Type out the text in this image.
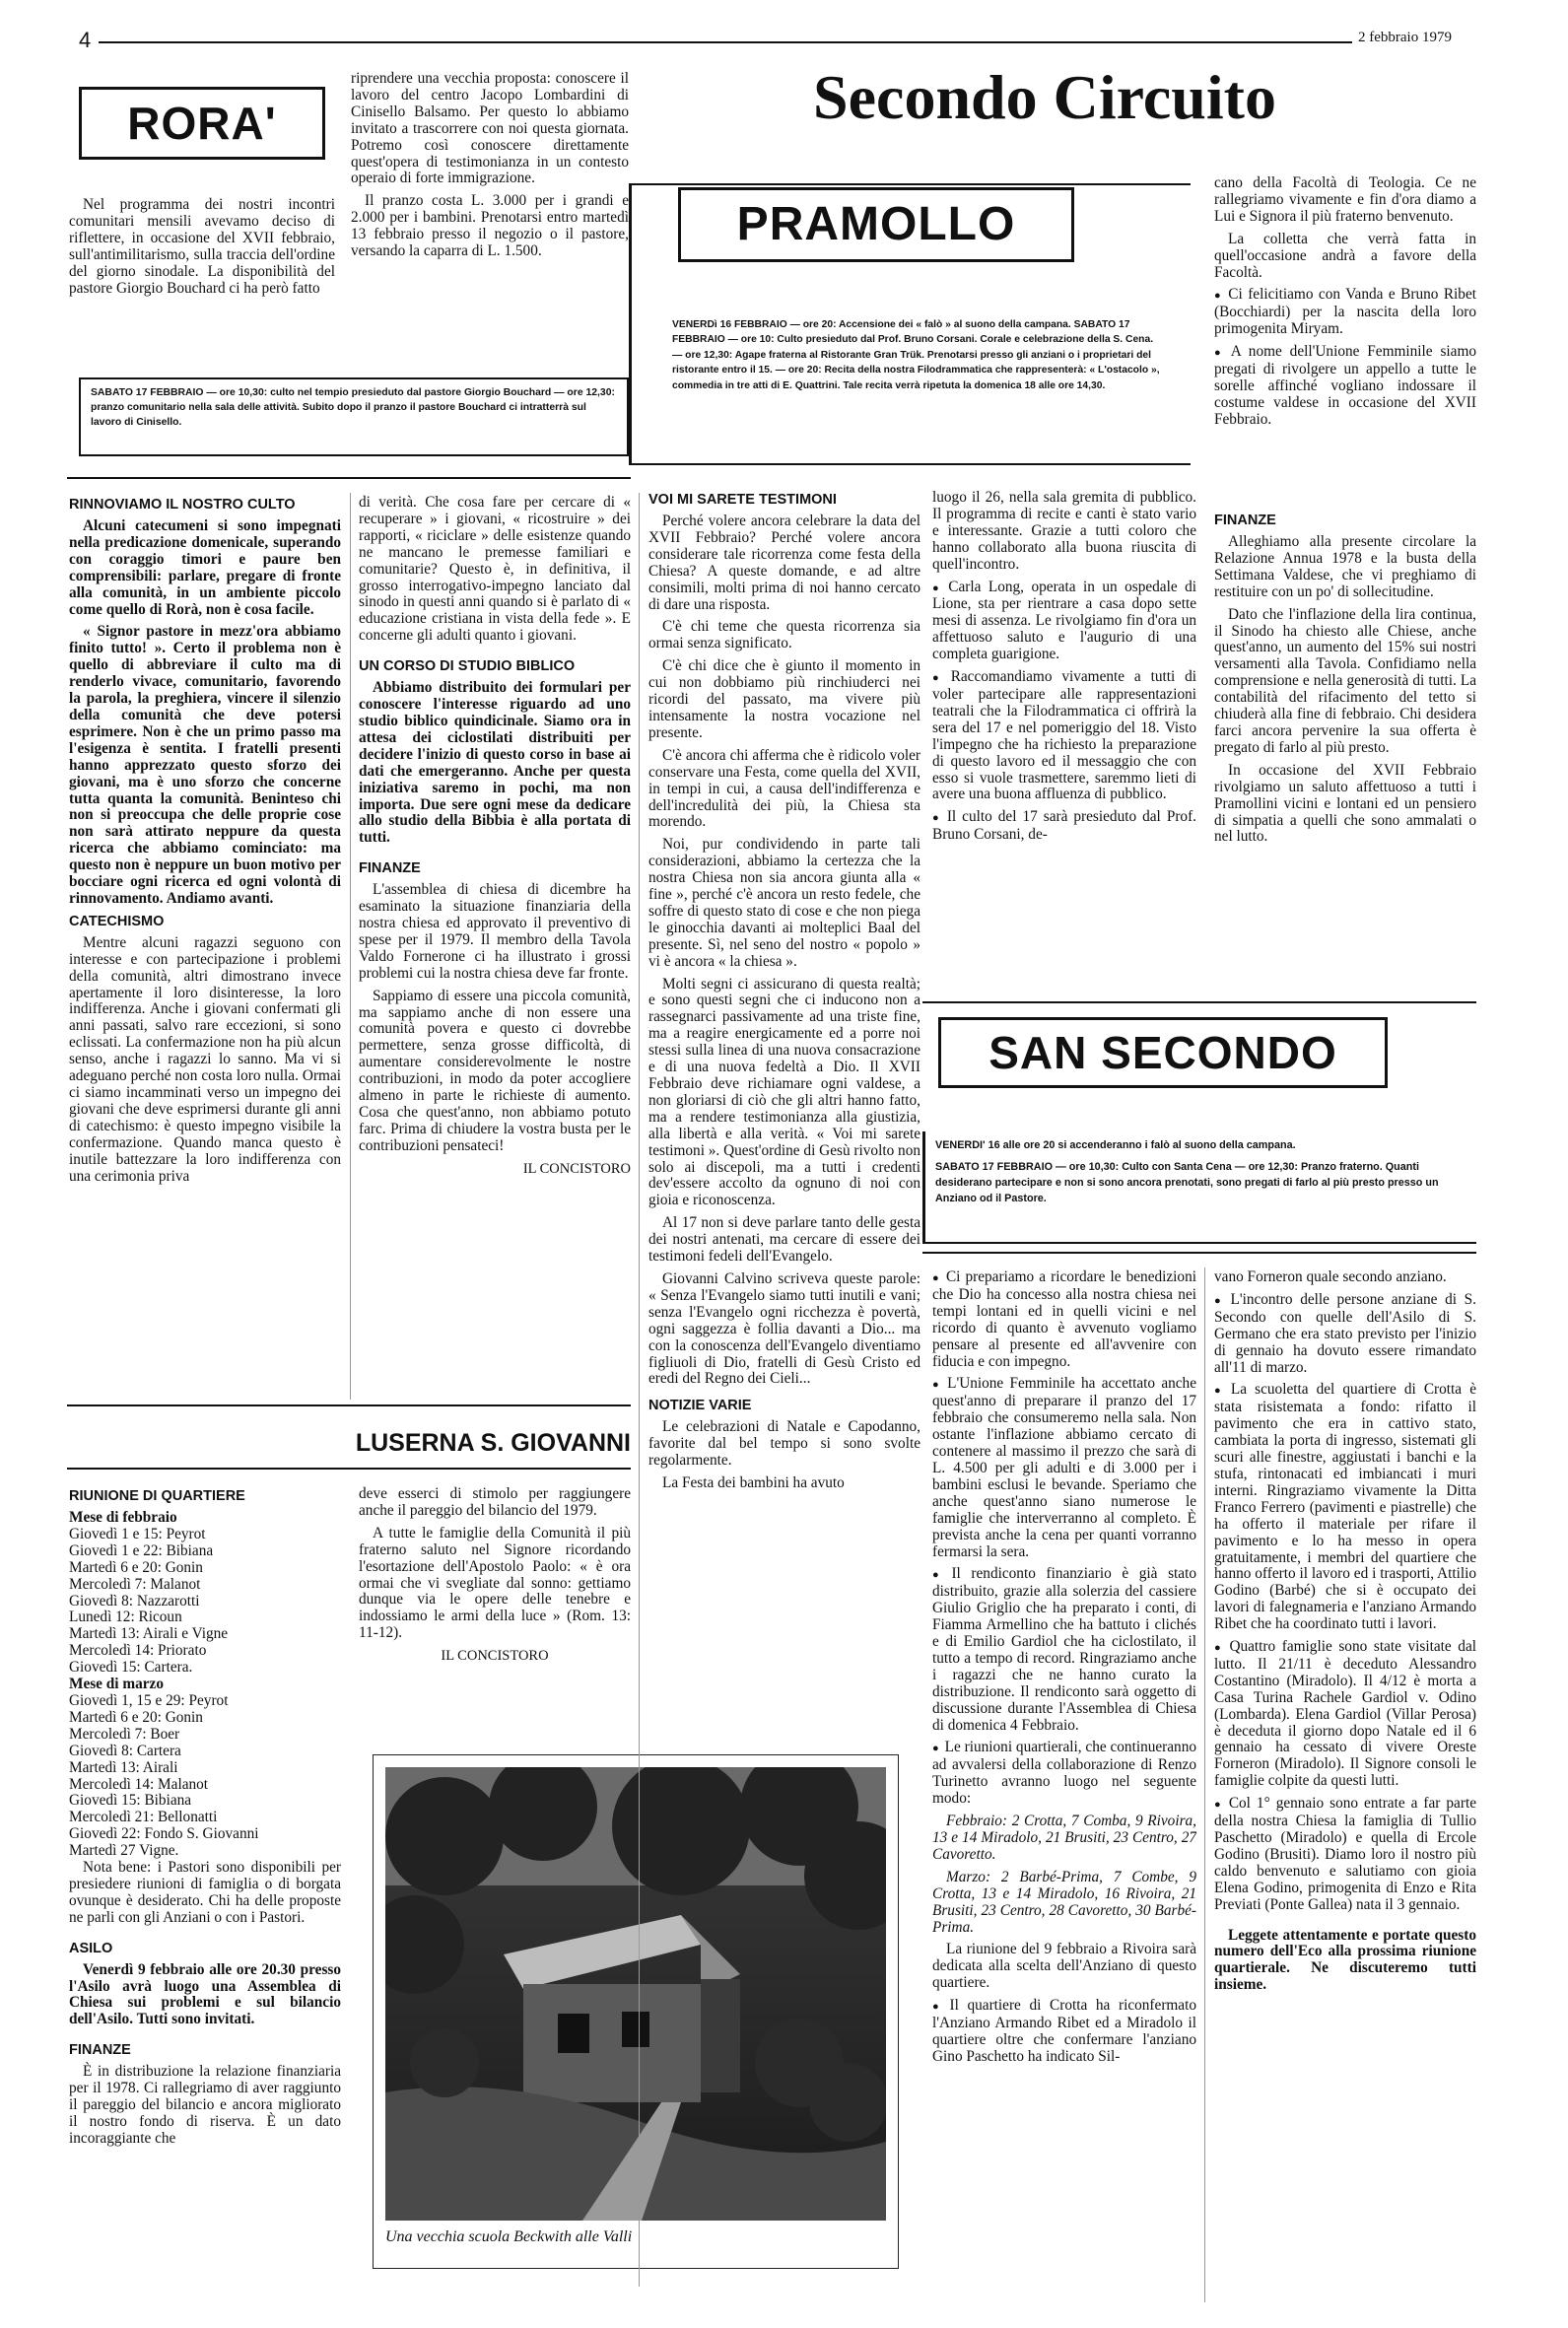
4	2 febbraio 1979
RORA'

Nel programma dei nostri incontri comunitari mensili avevamo deciso di riflettere, in occasione del XVII febbraio, sull'antimilitarismo, sulla traccia dell'ordine del giorno sinodale. La disponibilità del pastore Giorgio Bouchard ci ha però fatto

riprendere una vecchia proposta: conoscere il lavoro del centro Jacopo Lombardini di Cinisello Balsamo. Per questo lo abbiamo invitato a trascorrere con noi questa giornata. Potremo così conoscere direttamente quest'opera di testimonianza in un contesto operaio di forte immigrazione.

Il pranzo costa L. 3.000 per i grandi e 2.000 per i bambini. Prenotarsi entro martedì 13 febbraio presso il negozio o il pastore, versando la caparra di L. 1.500.

SABATO 17 FEBBRAIO — ore 10,30: culto nel tempio presieduto dal pastore Giorgio Bouchard — ore 12,30: pranzo comunitario nella sala delle attività. Subito dopo il pranzo il pastore Bouchard ci intratterrà sul lavoro di Cinisello.
Secondo Circuito
PRAMOLLO
VENERDì 16 FEBBRAIO — ore 20: Accensione dei « falò » al suono della campana. SABATO 17 FEBBRAIO — ore 10: Culto presieduto dal Prof. Bruno Corsani. Corale e celebrazione della S. Cena. — ore 12,30: Agape fraterna al Ristorante Gran Trük. Prenotarsi presso gli anziani o i proprietari del ristorante entro il 15. — ore 20: Recita della nostra Filodrammatica che rappresenterà: « L'ostacolo », commedia in tre atti di E. Quattrini. Tale recita verrà ripetuta la domenica 18 alle ore 14,30.

cano della Facoltà di Teologia. Ce ne rallegriamo vivamente e fin d'ora diamo a Lui e Signora il più fraterno benvenuto.

La colletta che verrà fatta in quell'occasione andrà a favore della Facoltà.

● Ci felicitiamo con Vanda e Bruno Ribet (Bocchiardi) per la nascita della loro primogenita Miryam.

● A nome dell'Unione Femminile siamo pregati di rivolgere un appello a tutte le sorelle affinché vogliano indossare il costume valdese in occasione del XVII Febbraio.

RINNOVIAMO IL NOSTRO CULTO

Alcuni catecumeni si sono impegnati nella predicazione domenicale, superando con coraggio timori e paure ben comprensibili: parlare, pregare di fronte alla comunità, in un ambiente piccolo come quello di Rorà, non è cosa facile.

« Signor pastore in mezz'ora abbiamo finito tutto! ». Certo il problema non è quello di abbreviare il culto ma di renderlo vivace, comunitario, favorendo la parola, la preghiera, vincere il silenzio della comunità che deve potersi esprimere. Non è che un primo passo ma l'esigenza è sentita. I fratelli presenti hanno apprezzato questo sforzo dei giovani, ma è uno sforzo che concerne tutta quanta la comunità. Beninteso chi non si preoccupa che delle proprie cose non sarà attirato neppure da questa ricerca che abbiamo cominciato: ma questo non è neppure un buon motivo per bocciare ogni ricerca ed ogni volontà di rinnovamento. Andiamo avanti.

CATECHISMO

Mentre alcuni ragazzi seguono con interesse e con partecipazione i problemi della comunità, altri dimostrano invece apertamente il loro disinteresse, la loro indifferenza. Anche i giovani confermati gli anni passati, salvo rare eccezioni, si sono eclissati. La confermazione non ha più alcun senso, anche i ragazzi lo sanno. Ma vi si adeguano perché non costa loro nulla. Ormai ci siamo incamminati verso un impegno dei giovani che deve esprimersi durante gli anni di catechismo: è questo impegno visibile la confermazione. Quando manca questo è inutile battezzare la loro indifferenza con una cerimonia priva

di verità. Che cosa fare per cercare di « recuperare » i giovani, « ricostruire » dei rapporti, « riciclare » delle esistenze quando ne mancano le premesse familiari e comunitarie? Questo è, in definitiva, il grosso interrogativo-impegno lanciato dal sinodo in questi anni quando si è parlato di « educazione cristiana in vista della fede ». E concerne gli adulti quanto i giovani.

UN CORSO DI STUDIO BIBLICO

Abbiamo distribuito dei formulari per conoscere l'interesse riguardo ad uno studio biblico quindicinale. Siamo ora in attesa dei ciclostilati distribuiti per decidere l'inizio di questo corso in base ai dati che emergeranno. Anche per questa iniziativa saremo in pochi, ma non importa. Due sere ogni mese da dedicare allo studio della Bibbia è alla portata di tutti.

FINANZE

L'assemblea di chiesa di dicembre ha esaminato la situazione finanziaria della nostra chiesa ed approvato il preventivo di spese per il 1979. Il membro della Tavola Valdo Fornerone ci ha illustrato i grossi problemi cui la nostra chiesa deve far fronte.

Sappiamo di essere una piccola comunità, ma sappiamo anche di non essere una comunità povera e questo ci dovrebbe permettere, senza grosse difficoltà, di aumentare considerevolmente le nostre contribuzioni, in modo da poter accogliere almeno in parte le richieste di aumento. Cosa che quest'anno, non abbiamo potuto farc. Prima di chiudere la vostra busta per le contribuzioni pensateci!

IL CONCISTORO
LUSERNA S. GIOVANNI
RIUNIONE DI QUARTIERE
Mese di febbraio
Giovedì 1 e 15: Peyrot
Giovedì 1 e 22: Bibiana
Martedì 6 e 20: Gonin
Mercoledì 7: Malanot
Giovedì 8: Nazzarotti
Lunedì 12: Ricoun
Martedì 13: Airali e Vigne
Mercoledì 14: Priorato
Giovedì 15: Cartera.
Mese di marzo
Giovedì 1, 15 e 29: Peyrot
Martedì 6 e 20: Gonin
Mercoledì 7: Boer
Giovedì 8: Cartera
Martedì 13: Airali
Mercoledì 14: Malanot
Giovedì 15: Bibiana
Mercoledì 21: Bellonatti
Giovedì 22: Fondo S. Giovanni
Martedì 27 Vigne.

Nota bene: i Pastori sono disponibili per presiedere riunioni di famiglia o di borgata ovunque è desiderato. Chi ha delle proposte ne parli con gli Anziani o con i Pastori.

ASILO

Venerdì 9 febbraio alle ore 20.30 presso l'Asilo avrà luogo una Assemblea di Chiesa sui problemi e sul bilancio dell'Asilo. Tutti sono invitati.

FINANZE

È in distribuzione la relazione finanziaria per il 1978. Ci rallegriamo di aver raggiunto il pareggio del bilancio e ancora migliorato il nostro fondo di riserva. È un dato incoraggiante che

deve esserci di stimolo per raggiungere anche il pareggio del bilancio del 1979.

A tutte le famiglie della Comunità il più fraterno saluto nel Signore ricordando l'esortazione dell'Apostolo Paolo: « è ora ormai che vi svegliate dal sonno: gettiamo dunque via le opere delle tenebre e indossiamo le armi della luce » (Rom. 13: 11-12).

IL CONCISTORO
Una vecchia scuola Beckwith alle Valli
VOI MI SARETE TESTIMONI

Perché volere ancora celebrare la data del XVII Febbraio? Perché volere ancora considerare tale ricorrenza come festa della Chiesa? A queste domande, e ad altre consimili, molti prima di noi hanno cercato di dare una risposta.

C'è chi teme che questa ricorrenza sia ormai senza significato.

C'è chi dice che è giunto il momento in cui non dobbiamo più rinchiuderci nei ricordi del passato, ma vivere più intensamente la nostra vocazione nel presente.

C'è ancora chi afferma che è ridicolo voler conservare una Festa, come quella del XVII, in tempi in cui, a causa dell'indifferenza e dell'incredulità dei più, la Chiesa sta morendo.

Noi, pur condividendo in parte tali considerazioni, abbiamo la certezza che la nostra Chiesa non sia ancora giunta alla « fine », perché c'è ancora un resto fedele, che soffre di questo stato di cose e che non piega le ginocchia davanti ai molteplici Baal del presente. Sì, nel seno del nostro « popolo » vi è ancora « la chiesa ».

Molti segni ci assicurano di questa realtà; e sono questi segni che ci inducono non a rassegnarci passivamente ad una triste fine, ma a reagire energicamente ed a porre noi stessi sulla linea di una nuova consacrazione e di una nuova fedeltà a Dio. Il XVII Febbraio deve richiamare ogni valdese, a non gloriarsi di ciò che gli altri hanno fatto, ma a rendere testimonianza alla giustizia, alla libertà e alla verità. « Voi mi sarete testimoni ». Quest'ordine di Gesù rivolto non solo ai discepoli, ma a tutti i credenti dev'essere accolto da ognuno di noi con gioia e riconoscenza.

Al 17 non si deve parlare tanto delle gesta dei nostri antenati, ma cercare di essere dei testimoni fedeli dell'Evangelo.

Giovanni Calvino scriveva queste parole: « Senza l'Evangelo siamo tutti inutili e vani; senza l'Evangelo ogni ricchezza è povertà, ogni saggezza è follia davanti a Dio... ma con la conoscenza dell'Evangelo diventiamo figliuoli di Dio, fratelli di Gesù Cristo ed eredi del Regno dei Cieli...

NOTIZIE VARIE

Le celebrazioni di Natale e Capodanno, favorite dal bel tempo si sono svolte regolarmente.

La Festa dei bambini ha avuto

luogo il 26, nella sala gremita di pubblico. Il programma di recite e canti è stato vario e interessante. Grazie a tutti coloro che hanno collaborato alla buona riuscita di quell'incontro.

● Carla Long, operata in un ospedale di Lione, sta per rientrare a casa dopo sette mesi di assenza. Le rivolgiamo fin d'ora un affettuoso saluto e l'augurio di una completa guarigione.

● Raccomandiamo vivamente a tutti di voler partecipare alle rappresentazioni teatrali che la Filodrammatica ci offrirà la sera del 17 e nel pomeriggio del 18. Visto l'impegno che ha richiesto la preparazione di questo lavoro ed il messaggio che con esso si vuole trasmettere, saremmo lieti di avere una buona affluenza di pubblico.

● Il culto del 17 sarà presieduto dal Prof. Bruno Corsani, de-

FINANZE

Alleghiamo alla presente circolare la Relazione Annua 1978 e la busta della Settimana Valdese, che vi preghiamo di restituire con un po' di sollecitudine.

Dato che l'inflazione della lira continua, il Sinodo ha chiesto alle Chiese, anche quest'anno, un aumento del 15% sui nostri versamenti alla Tavola. Confidiamo nella comprensione e nella generosità di tutti. La contabilità del rifacimento del tetto si chiuderà alla fine di febbraio. Chi desidera farci ancora pervenire la sua offerta è pregato di farlo al più presto.

In occasione del XVII Febbraio rivolgiamo un saluto affettuoso a tutti i Pramollini vicini e lontani ed un pensiero di simpatia a quelli che sono ammalati o nel lutto.

SAN SECONDO
VENERDI' 16 alle ore 20 si accenderanno i falò al suono della campana.
SABATO 17 FEBBRAIO — ore 10,30: Culto con Santa Cena — ore 12,30: Pranzo fraterno. Quanti desiderano partecipare e non si sono ancora prenotati, sono pregati di farlo al più presto presso un Anziano od il Pastore.

● Ci prepariamo a ricordare le benedizioni che Dio ha concesso alla nostra chiesa nei tempi lontani ed in quelli vicini e nel ricordo di quanto è avvenuto vogliamo pensare al presente ed all'avvenire con fiducia e con impegno.

● L'Unione Femminile ha accettato anche quest'anno di preparare il pranzo del 17 febbraio che consumeremo nella sala. Non ostante l'inflazione abbiamo cercato di contenere al massimo il prezzo che sarà di L. 4.500 per gli adulti e di 3.000 per i bambini esclusi le bevande. Speriamo che anche quest'anno siano numerose le famiglie che interverranno al completo. È prevista anche la cena per quanti vorranno fermarsi la sera.

● Il rendiconto finanziario è già stato distribuito, grazie alla solerzia del cassiere Giulio Griglio che ha preparato i conti, di Fiamma Armellino che ha battuto i clichés e di Emilio Gardiol che ha ciclostilato, il tutto a tempo di record. Ringraziamo anche i ragazzi che ne hanno curato la distribuzione. Il rendiconto sarà oggetto di discussione durante l'Assemblea di Chiesa di domenica 4 Febbraio.

● Le riunioni quartierali, che continueranno ad avvalersi della collaborazione di Renzo Turinetto avranno luogo nel seguente modo:

Febbraio: 2 Crotta, 7 Comba, 9 Rivoira, 13 e 14 Miradolo, 21 Brusiti, 23 Centro, 27 Cavoretto.

Marzo: 2 Barbé-Prima, 7 Combe, 9 Crotta, 13 e 14 Miradolo, 16 Rivoira, 21 Brusiti, 23 Centro, 28 Cavoretto, 30 Barbé-Prima.

La riunione del 9 febbraio a Rivoira sarà dedicata alla scelta dell'Anziano di questo quartiere.

● Il quartiere di Crotta ha riconfermato l'Anziano Armando Ribet ed a Miradolo il quartiere oltre che confermare l'anziano Gino Paschetto ha indicato Sil-

vano Forneron quale secondo anziano.

● L'incontro delle persone anziane di S. Secondo con quelle dell'Asilo di S. Germano che era stato previsto per l'inizio di gennaio ha dovuto essere rimandato all'11 di marzo.

● La scuoletta del quartiere di Crotta è stata risistemata a fondo: rifatto il pavimento che era in cattivo stato, cambiata la porta di ingresso, sistemati gli scuri alle finestre, aggiustati i banchi e la stufa, rintonacati ed imbiancati i muri interni. Ringraziamo vivamente la Ditta Franco Ferrero (pavimenti e piastrelle) che ha offerto il materiale per rifare il pavimento e lo ha messo in opera gratuitamente, i membri del quartiere che hanno offerto il lavoro ed i trasporti, Attilio Godino (Barbé) che si è occupato dei lavori di falegnameria e l'anziano Armando Ribet che ha coordinato tutti i lavori.

● Quattro famiglie sono state visitate dal lutto. Il 21/11 è deceduto Alessandro Costantino (Miradolo). Il 4/12 è morta a Casa Turina Rachele Gardiol v. Odino (Lombarda). Elena Gardiol (Villar Perosa) è deceduta il giorno dopo Natale ed il 6 gennaio ha cessato di vivere Oreste Forneron (Miradolo). Il Signore consoli le famiglie colpite da questi lutti.

● Col 1° gennaio sono entrate a far parte della nostra Chiesa la famiglia di Tullio Paschetto (Miradolo) e quella di Ercole Godino (Brusiti). Diamo loro il nostro più caldo benvenuto e salutiamo con gioia Elena Godino, primogenita di Enzo e Rita Previati (Ponte Gallea) nata il 3 gennaio.

Leggete attentamente e portate questo numero dell'Eco alla prossima riunione quartierale. Ne discuteremo tutti insieme.
